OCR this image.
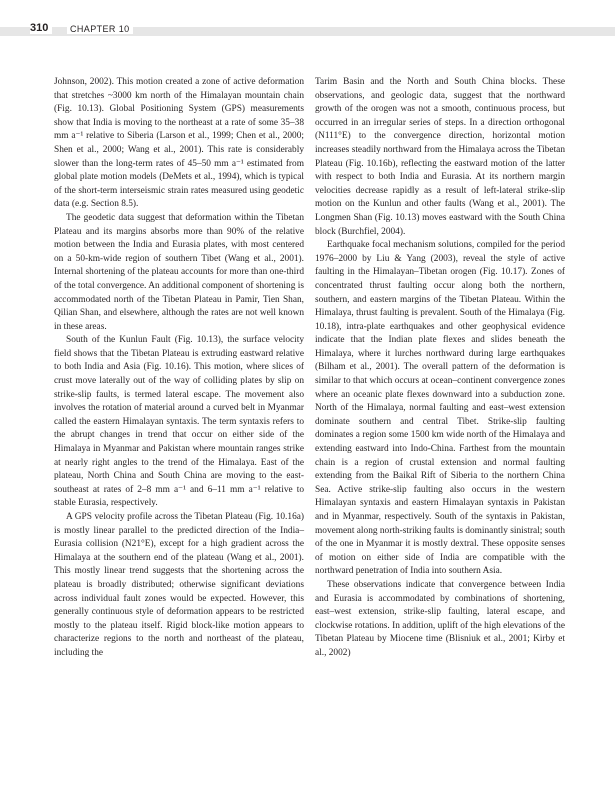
310	CHAPTER 10

Johnson, 2002). This motion created a zone of active deformation that stretches ~3000 km north of the Himalayan mountain chain (Fig. 10.13). Global Positioning System (GPS) measurements show that India is moving to the northeast at a rate of some 35–38 mm a⁻¹ relative to Siberia (Larson et al., 1999; Chen et al., 2000; Shen et al., 2000; Wang et al., 2001). This rate is considerably slower than the long-term rates of 45–50 mm a⁻¹ estimated from global plate motion models (DeMets et al., 1994), which is typical of the short-term interseismic strain rates measured using geodetic data (e.g. Section 8.5).

The geodetic data suggest that deformation within the Tibetan Plateau and its margins absorbs more than 90% of the relative motion between the India and Eurasia plates, with most centered on a 50-km-wide region of southern Tibet (Wang et al., 2001). Internal shortening of the plateau accounts for more than one-third of the total convergence. An additional component of shortening is accommodated north of the Tibetan Plateau in Pamir, Tien Shan, Qilian Shan, and elsewhere, although the rates are not well known in these areas.

South of the Kunlun Fault (Fig. 10.13), the surface velocity field shows that the Tibetan Plateau is extruding eastward relative to both India and Asia (Fig. 10.16). This motion, where slices of crust move laterally out of the way of colliding plates by slip on strike-slip faults, is termed lateral escape. The movement also involves the rotation of material around a curved belt in Myanmar called the eastern Himalayan syntaxis. The term syntaxis refers to the abrupt changes in trend that occur on either side of the Himalaya in Myanmar and Pakistan where mountain ranges strike at nearly right angles to the trend of the Himalaya. East of the plateau, North China and South China are moving to the east-southeast at rates of 2–8 mm a⁻¹ and 6–11 mm a⁻¹ relative to stable Eurasia, respectively.

A GPS velocity profile across the Tibetan Plateau (Fig. 10.16a) is mostly linear parallel to the predicted direction of the India–Eurasia collision (N21°E), except for a high gradient across the Himalaya at the southern end of the plateau (Wang et al., 2001). This mostly linear trend suggests that the shortening across the plateau is broadly distributed; otherwise significant deviations across individual fault zones would be expected. However, this generally continuous style of deformation appears to be restricted mostly to the plateau itself. Rigid block-like motion appears to characterize regions to the north and northeast of the plateau, including the

Tarim Basin and the North and South China blocks. These observations, and geologic data, suggest that the northward growth of the orogen was not a smooth, continuous process, but occurred in an irregular series of steps. In a direction orthogonal (N111°E) to the convergence direction, horizontal motion increases steadily northward from the Himalaya across the Tibetan Plateau (Fig. 10.16b), reflecting the eastward motion of the latter with respect to both India and Eurasia. At its northern margin velocities decrease rapidly as a result of left-lateral strike-slip motion on the Kunlun and other faults (Wang et al., 2001). The Longmen Shan (Fig. 10.13) moves eastward with the South China block (Burchfiel, 2004).

Earthquake focal mechanism solutions, compiled for the period 1976–2000 by Liu & Yang (2003), reveal the style of active faulting in the Himalayan–Tibetan orogen (Fig. 10.17). Zones of concentrated thrust faulting occur along both the northern, southern, and eastern margins of the Tibetan Plateau. Within the Himalaya, thrust faulting is prevalent. South of the Himalaya (Fig. 10.18), intra-plate earthquakes and other geophysical evidence indicate that the Indian plate flexes and slides beneath the Himalaya, where it lurches northward during large earthquakes (Bilham et al., 2001). The overall pattern of the deformation is similar to that which occurs at ocean–continent convergence zones where an oceanic plate flexes downward into a subduction zone. North of the Himalaya, normal faulting and east–west extension dominate southern and central Tibet. Strike-slip faulting dominates a region some 1500 km wide north of the Himalaya and extending eastward into Indo-China. Farthest from the mountain chain is a region of crustal extension and normal faulting extending from the Baikal Rift of Siberia to the northern China Sea. Active strike-slip faulting also occurs in the western Himalayan syntaxis and eastern Himalayan syntaxis in Pakistan and in Myanmar, respectively. South of the syntaxis in Pakistan, movement along north-striking faults is dominantly sinistral; south of the one in Myanmar it is mostly dextral. These opposite senses of motion on either side of India are compatible with the northward penetration of India into southern Asia.

These observations indicate that convergence between India and Eurasia is accommodated by combinations of shortening, east–west extension, strike-slip faulting, lateral escape, and clockwise rotations. In addition, uplift of the high elevations of the Tibetan Plateau by Miocene time (Blisniuk et al., 2001; Kirby et al., 2002)
